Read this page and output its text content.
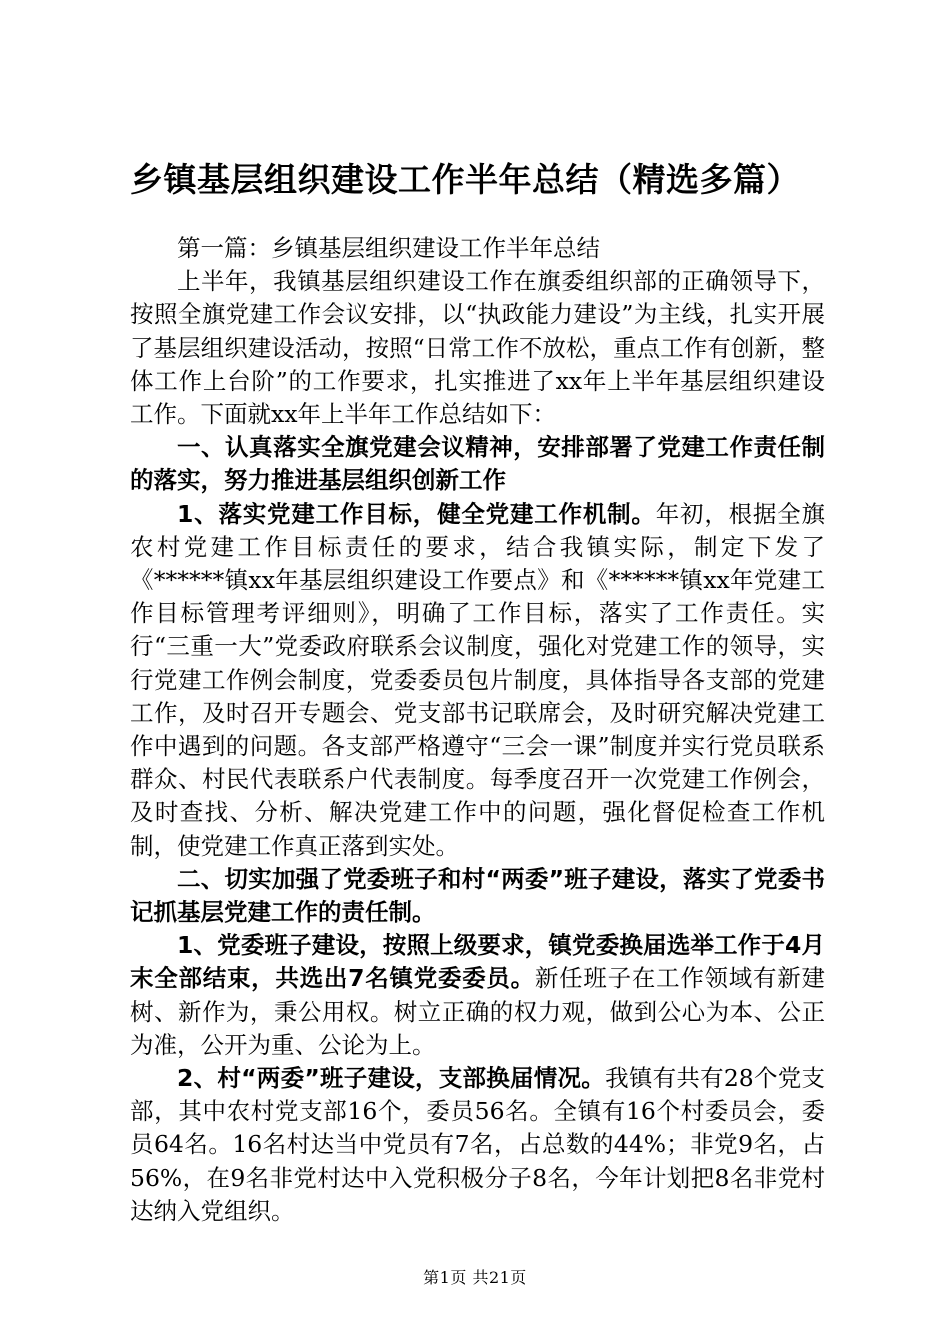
乡镇基层组织建设工作半年总结（精选多篇）

第一篇：乡镇基层组织建设工作半年总结

上半年，我镇基层组织建设工作在旗委组织部的正确领导下，按照全旗党建工作会议安排，以“执政能力建设”为主线，扎实开展了基层组织建设活动，按照“日常工作不放松，重点工作有创新，整体工作上台阶”的工作要求，扎实推进了xx年上半年基层组织建设工作。下面就xx年上半年工作总结如下：

一、认真落实全旗党建会议精神，安排部署了党建工作责任制的落实，努力推进基层组织创新工作

1、落实党建工作目标，健全党建工作机制。年初，根据全旗农村党建工作目标责任的要求，结合我镇实际，制定下发了《******镇xx年基层组织建设工作要点》和《******镇xx年党建工作目标管理考评细则》，明确了工作目标，落实了工作责任。实行“三重一大”党委政府联系会议制度，强化对党建工作的领导，实行党建工作例会制度，党委委员包片制度，具体指导各支部的党建工作，及时召开专题会、党支部书记联席会，及时研究解决党建工作中遇到的问题。各支部严格遵守“三会一课”制度并实行党员联系群众、村民代表联系户代表制度。每季度召开一次党建工作例会，及时查找、分析、解决党建工作中的问题，强化督促检查工作机制，使党建工作真正落到实处。

二、切实加强了党委班子和村“两委”班子建设，落实了党委书记抓基层党建工作的责任制。

1、党委班子建设，按照上级要求，镇党委换届选举工作于4月末全部结束，共选出7名镇党委委员。新任班子在工作领域有新建树、新作为，秉公用权。树立正确的权力观，做到公心为本、公正为准，公开为重、公论为上。

2、村“两委”班子建设，支部换届情况。我镇有共有28个党支部，其中农村党支部16个，委员56名。全镇有16个村委员会，委员64名。16名村达当中党员有7名，占总数的44%；非党9名，占56%，在9名非党村达中入党积极分子8名，今年计划把8名非党村达纳入党组织。

第1页 共21页
